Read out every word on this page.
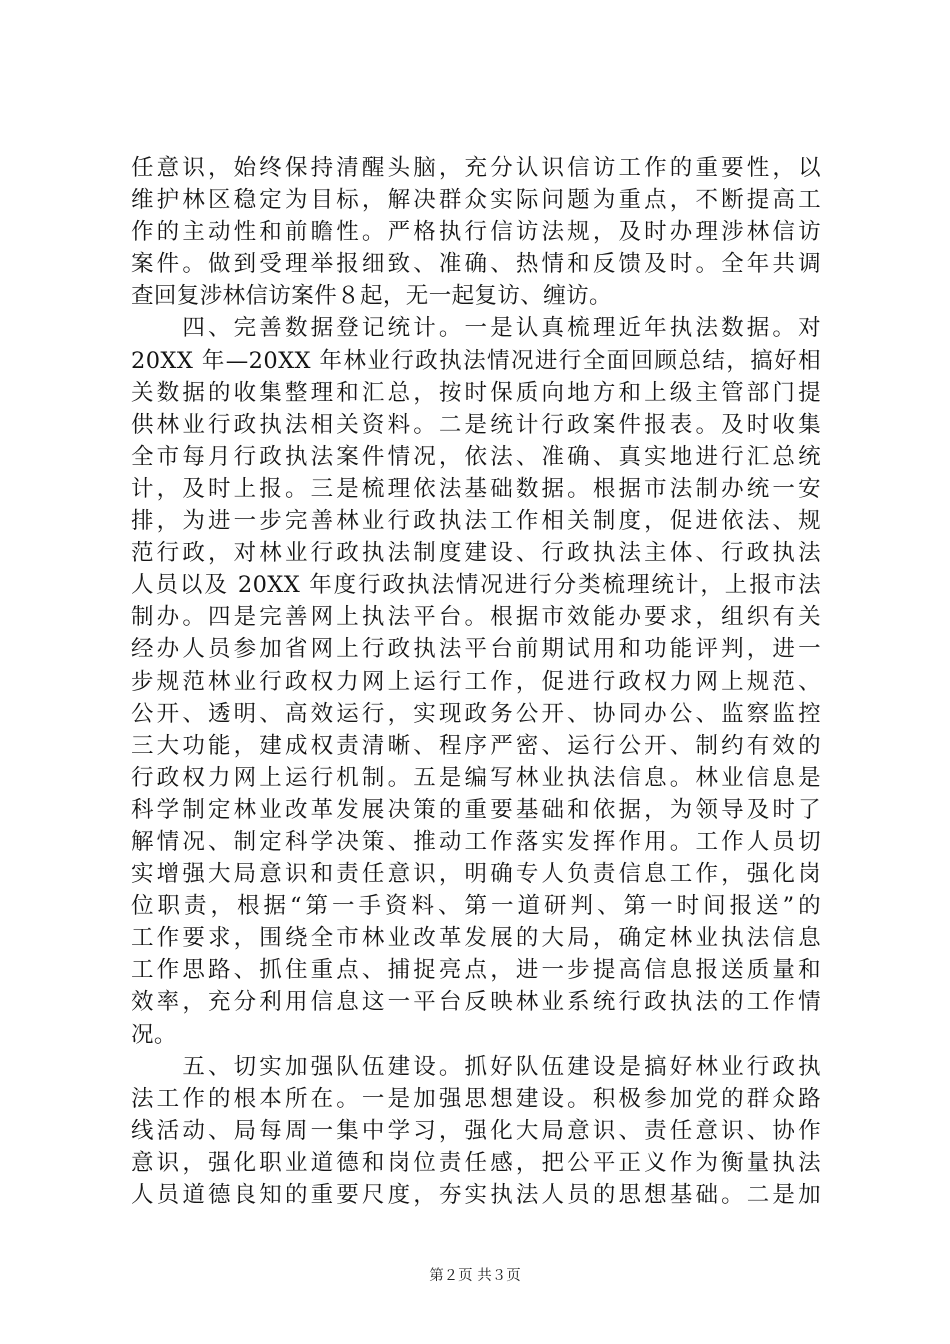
任意识，始终保持清醒头脑，充分认识信访工作的重要性，以
维护林区稳定为目标，解决群众实际问题为重点，不断提高工
作的主动性和前瞻性。严格执行信访法规，及时办理涉林信访
案件。做到受理举报细致、准确、热情和反馈及时。全年共调
查回复涉林信访案件８起，无一起复访、缠访。
　　四、完善数据登记统计。一是认真梳理近年执法数据。对
20XX 年—20XX 年林业行政执法情况进行全面回顾总结，搞好相
关数据的收集整理和汇总，按时保质向地方和上级主管部门提
供林业行政执法相关资料。二是统计行政案件报表。及时收集
全市每月行政执法案件情况，依法、准确、真实地进行汇总统
计，及时上报。三是梳理依法基础数据。根据市法制办统一安
排，为进一步完善林业行政执法工作相关制度，促进依法、规
范行政，对林业行政执法制度建设、行政执法主体、行政执法
人员以及 20XX 年度行政执法情况进行分类梳理统计，上报市法
制办。四是完善网上执法平台。根据市效能办要求，组织有关
经办人员参加省网上行政执法平台前期试用和功能评判，进一
步规范林业行政权力网上运行工作，促进行政权力网上规范、
公开、透明、高效运行，实现政务公开、协同办公、监察监控
三大功能，建成权责清晰、程序严密、运行公开、制约有效的
行政权力网上运行机制。五是编写林业执法信息。林业信息是
科学制定林业改革发展决策的重要基础和依据，为领导及时了
解情况、制定科学决策、推动工作落实发挥作用。工作人员切
实增强大局意识和责任意识，明确专人负责信息工作，强化岗
位职责，根据“第一手资料、第一道研判、第一时间报送”的
工作要求，围绕全市林业改革发展的大局，确定林业执法信息
工作思路、抓住重点、捕捉亮点，进一步提高信息报送质量和
效率，充分利用信息这一平台反映林业系统行政执法的工作情
况。
　　五、切实加强队伍建设。抓好队伍建设是搞好林业行政执
法工作的根本所在。一是加强思想建设。积极参加党的群众路
线活动、局每周一集中学习，强化大局意识、责任意识、协作
意识，强化职业道德和岗位责任感，把公平正义作为衡量执法
人员道德良知的重要尺度，夯实执法人员的思想基础。二是加
第２页 共３页
